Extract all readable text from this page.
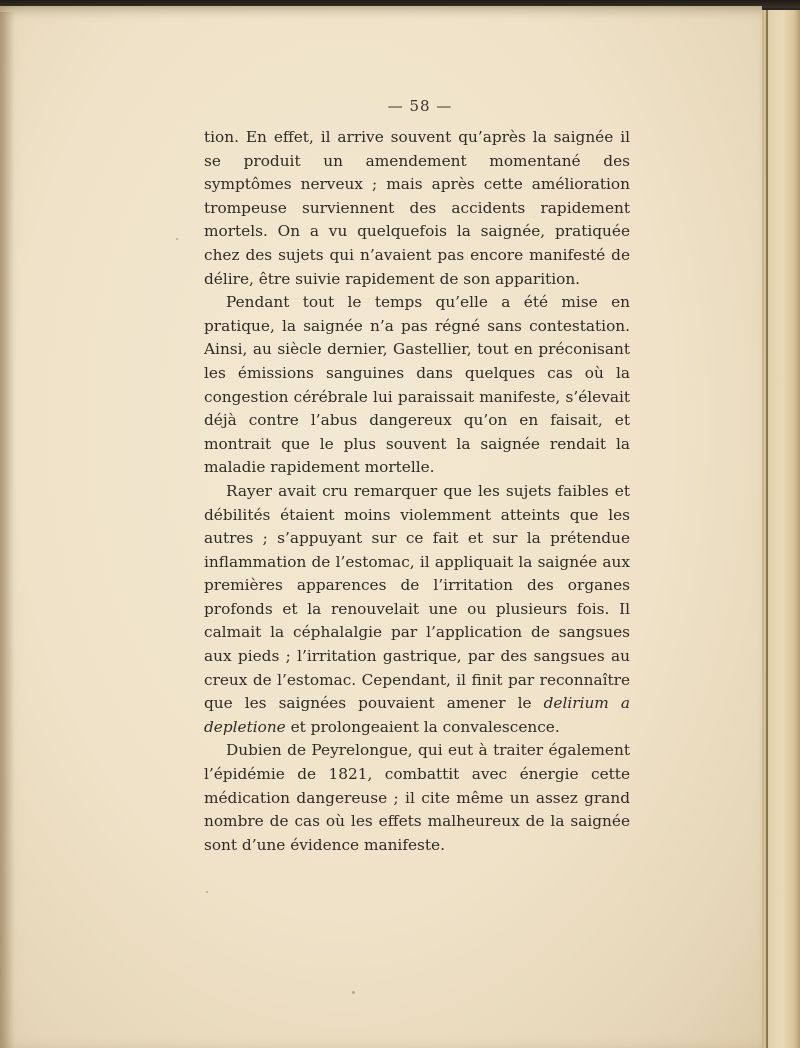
— 58 —

tion. En effet, il arrive souvent qu’après la saignée il se produit un amendement momentané des symptômes nerveux ; mais après cette amélioration trompeuse surviennent des accidents rapidement mortels. On a vu quelquefois la saignée, pratiquée chez des sujets qui n’avaient pas encore manifesté de délire, être suivie rapidement de son apparition.

Pendant tout le temps qu’elle a été mise en pratique, la saignée n’a pas régné sans contestation. Ainsi, au siècle dernier, Gastellier, tout en préconisant les émissions sanguines dans quelques cas où la congestion cérébrale lui paraissait manifeste, s’élevait déjà contre l’abus dangereux qu’on en faisait, et montrait que le plus souvent la saignée rendait la maladie rapidement mortelle.

Rayer avait cru remarquer que les sujets faibles et débilités étaient moins violemment atteints que les autres ; s’appuyant sur ce fait et sur la prétendue inflammation de l’estomac, il appliquait la saignée aux premières apparences de l’irritation des organes profonds et la renouvelait une ou plusieurs fois. Il calmait la céphalalgie par l’application de sangsues aux pieds ; l’irritation gastrique, par des sangsues au creux de l’estomac. Cependant, il finit par reconnaître que les saignées pouvaient amener le delirium a depletione et prolongeaient la convalescence.

Dubien de Peyrelongue, qui eut à traiter également l’épidémie de 1821, combattit avec énergie cette médication dangereuse ; il cite même un assez grand nombre de cas où les effets malheureux de la saignée sont d’une évidence manifeste.
